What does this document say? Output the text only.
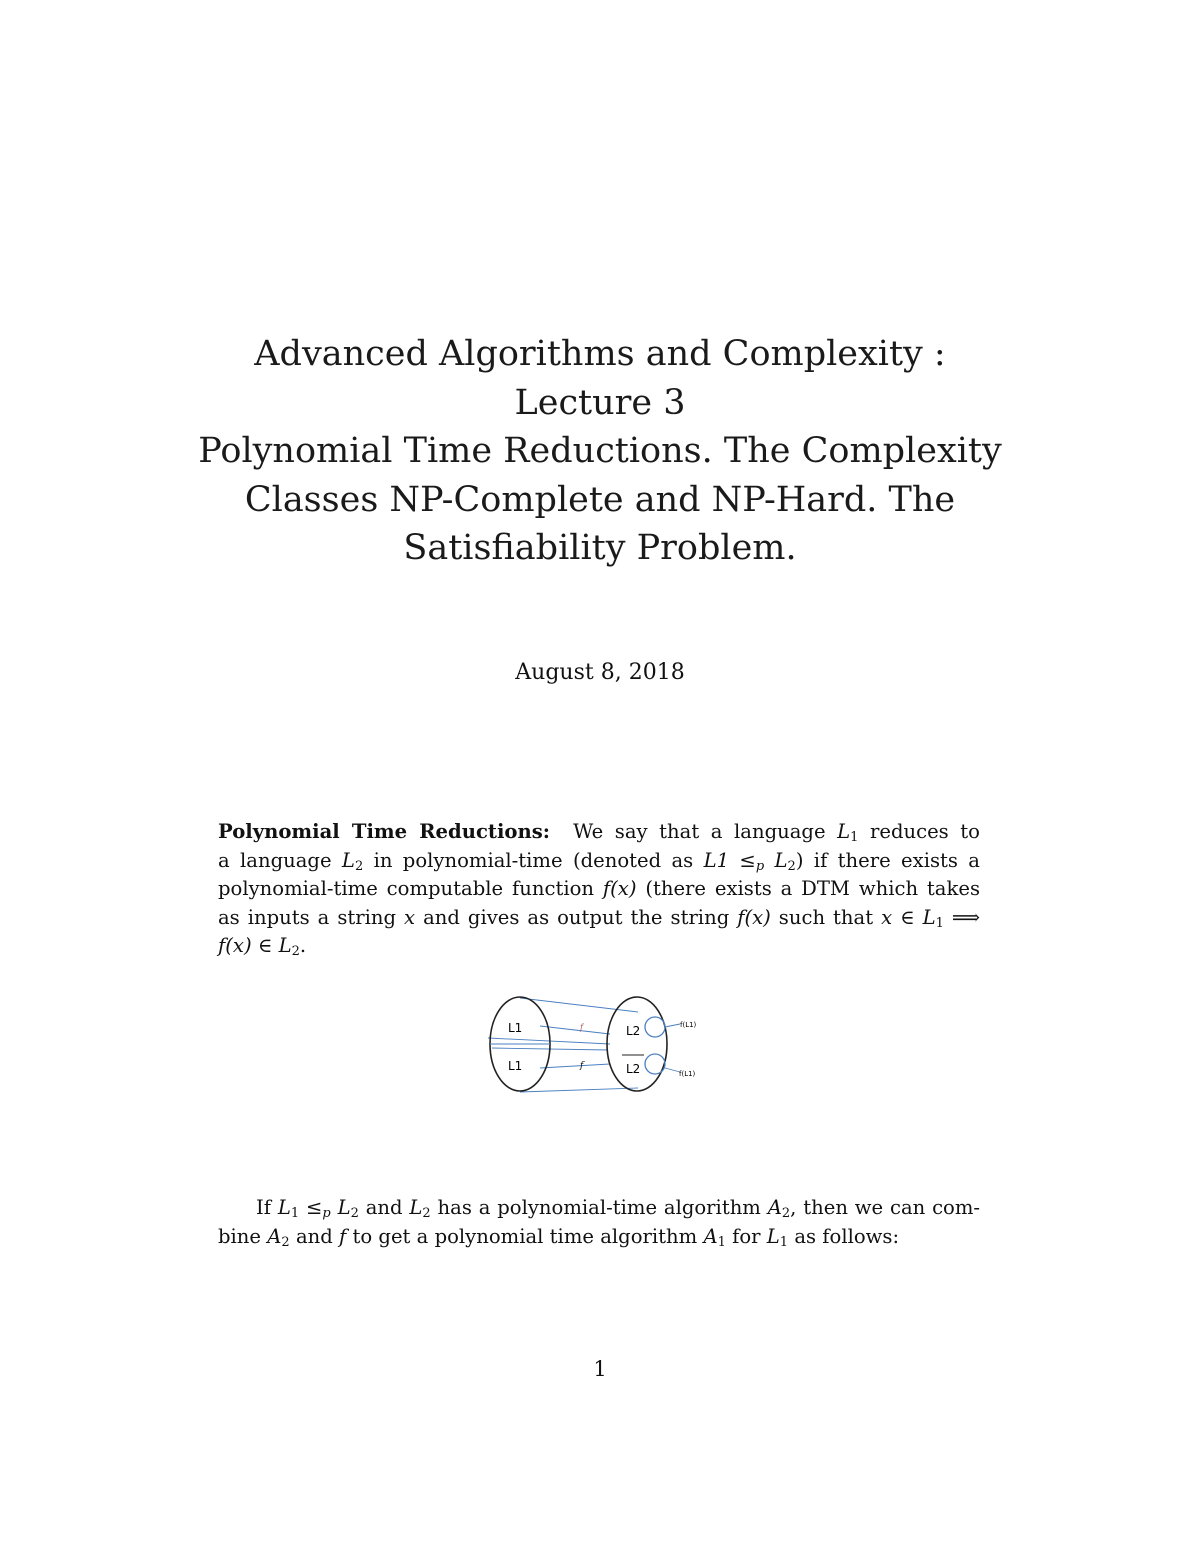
Advanced Algorithms and Complexity :
Lecture 3
Polynomial Time Reductions. The Complexity
Classes NP-Complete and NP-Hard. The
Satisfiability Problem.
August 8, 2018
Polynomial Time Reductions: We say that a language $L_1$ reduces to
a language $L_2$ in polynomial-time (denoted as $L1 \le_p$ $L_2$) if there exists a
polynomial-time computable function f(x) (there exists a DTM which takes
as inputs a string x and gives as output the string f(x) such that x ∈ $L_1$ ⟹
f(x) ∈ $L_2$.
L1
L1
f
f
L2
L2
f(L1)
f(L1)
If $L_1 \le_p$ $L_2$ and $L_2$ has a polynomial-time algorithm $A_2$, then we can com-
bine $A_2$ and f to get a polynomial time algorithm $A_1$ for $L_1$ as follows:
1
